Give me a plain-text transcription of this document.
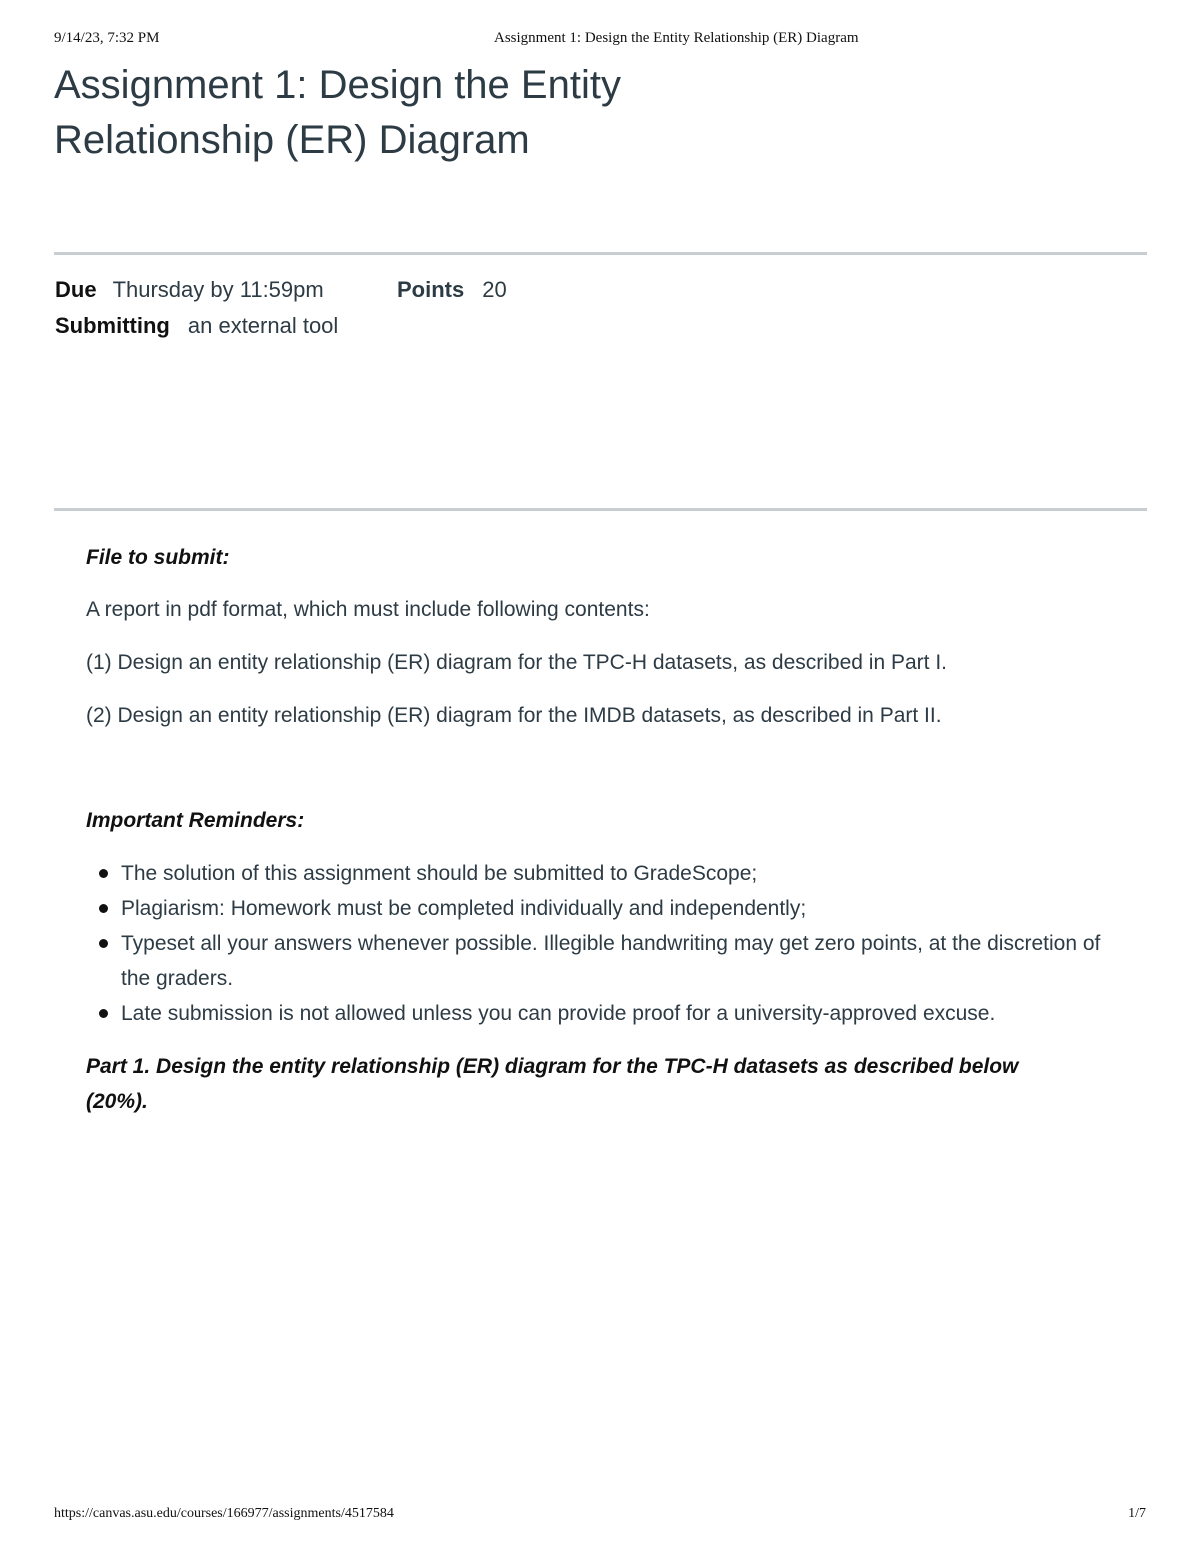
9/14/23, 7:32 PM	Assignment 1: Design the Entity Relationship (ER) Diagram
Assignment 1: Design the Entity Relationship (ER) Diagram
Due Thursday by 11:59pm	Points 20
Submitting an external tool

File to submit:

A report in pdf format, which must include following contents:

(1) Design an entity relationship (ER) diagram for the TPC-H datasets, as described in Part I.

(2) Design an entity relationship (ER) diagram for the IMDB datasets, as described in Part II.

Important Reminders:

The solution of this assignment should be submitted to GradeScope;
Plagiarism: Homework must be completed individually and independently;
Typeset all your answers whenever possible. Illegible handwriting may get zero points, at the discretion of the graders.
Late submission is not allowed unless you can provide proof for a university-approved excuse.

Part 1. Design the entity relationship (ER) diagram for the TPC-H datasets as described below (20%).

https://canvas.asu.edu/courses/166977/assignments/4517584	1/7
